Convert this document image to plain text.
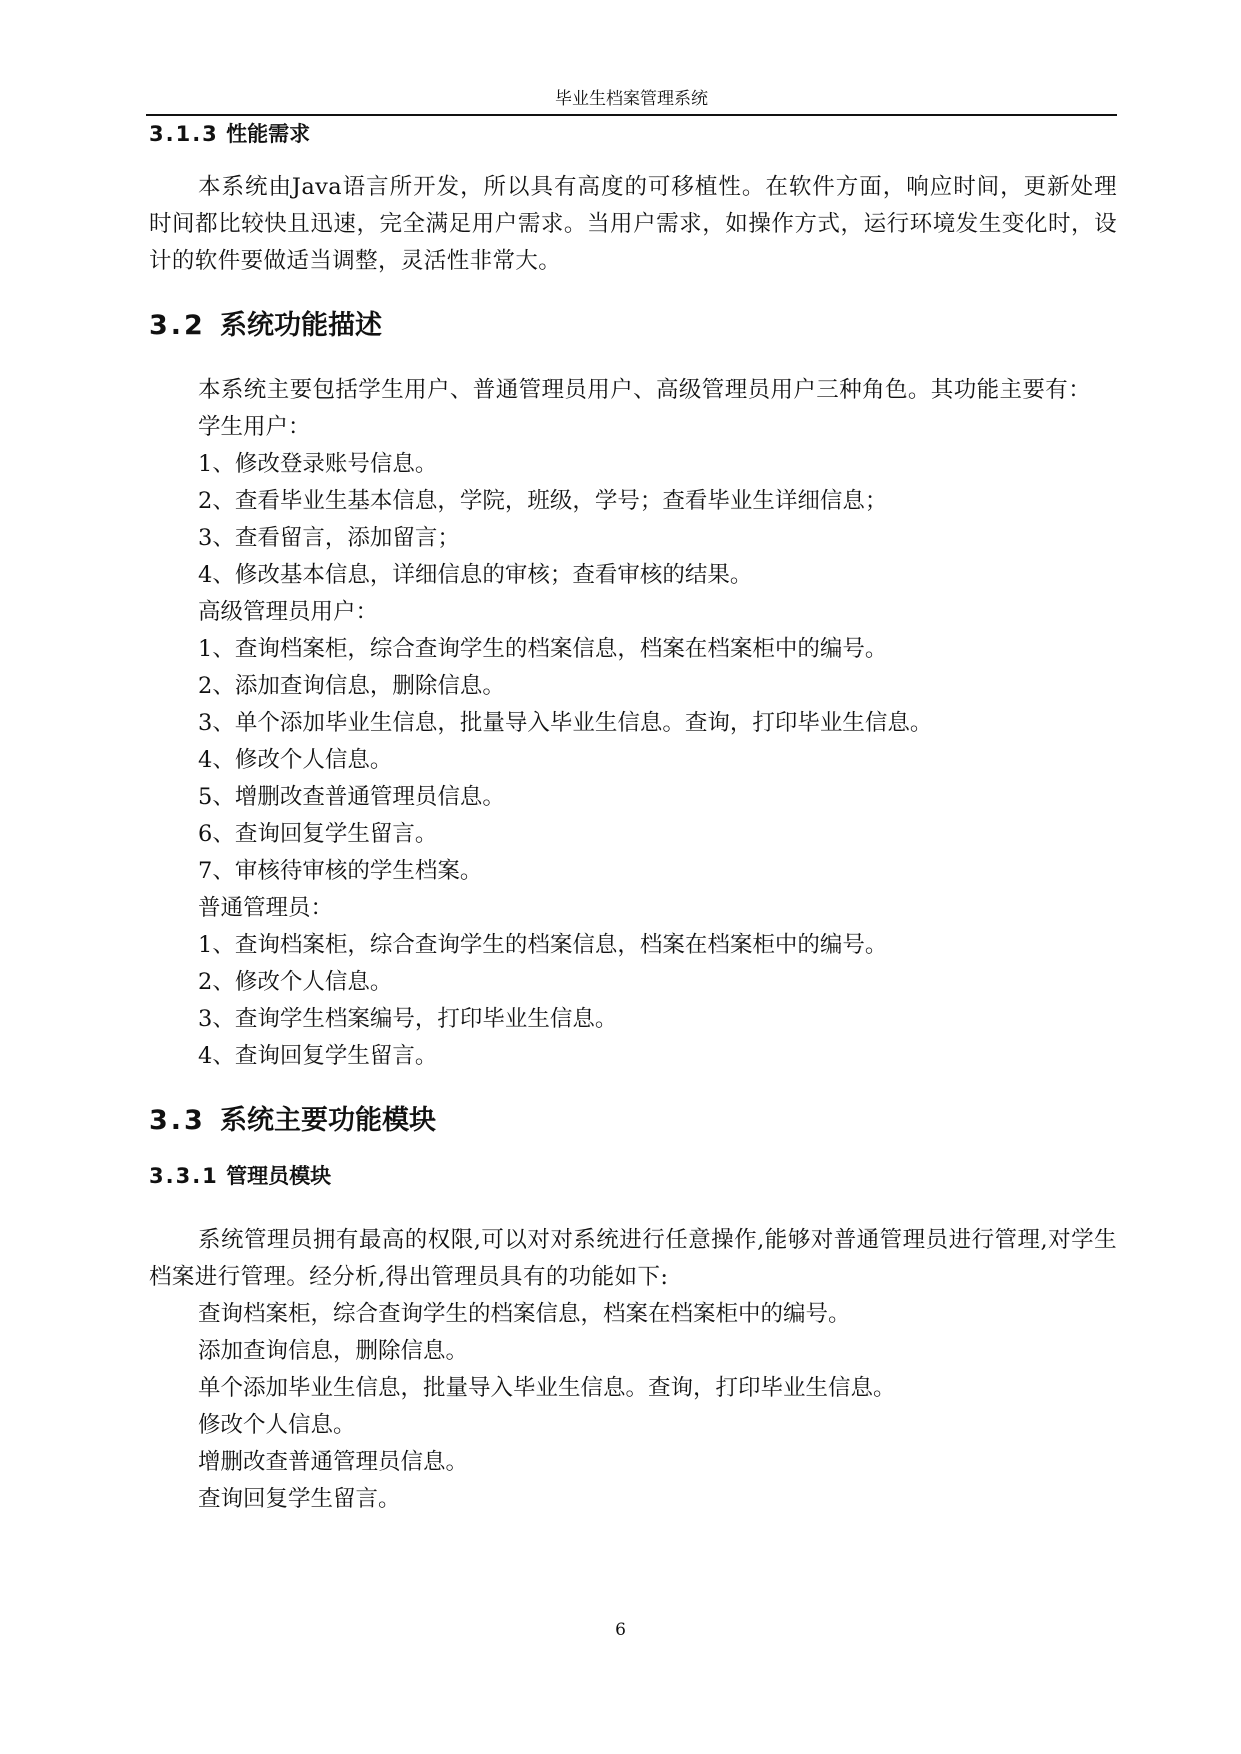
毕业生档案管理系统
3.1.3 性能需求

本系统由Java语言所开发，所以具有高度的可移植性。在软件方面，响应时间，更新处理时间都比较快且迅速，完全满足用户需求。当用户需求，如操作方式，运行环境发生变化时，设计的软件要做适当调整，灵活性非常大。

3.2 系统功能描述

本系统主要包括学生用户、普通管理员用户、高级管理员用户三种角色。其功能主要有：

学生用户：

1、修改登录账号信息。

2、查看毕业生基本信息，学院，班级，学号；查看毕业生详细信息；

3、查看留言，添加留言；

4、修改基本信息，详细信息的审核；查看审核的结果。

高级管理员用户：

1、查询档案柜，综合查询学生的档案信息，档案在档案柜中的编号。

2、添加查询信息，删除信息。

3、单个添加毕业生信息，批量导入毕业生信息。查询，打印毕业生信息。

4、修改个人信息。

5、增删改查普通管理员信息。

6、查询回复学生留言。

7、审核待审核的学生档案。

普通管理员：

1、查询档案柜，综合查询学生的档案信息，档案在档案柜中的编号。

2、修改个人信息。

3、查询学生档案编号，打印毕业生信息。

4、查询回复学生留言。

3.3 系统主要功能模块
3.3.1 管理员模块

系统管理员拥有最高的权限,可以对对系统进行任意操作,能够对普通管理员进行管理,对学生档案进行管理。经分析,得出管理员具有的功能如下:

查询档案柜，综合查询学生的档案信息，档案在档案柜中的编号。

添加查询信息，删除信息。

单个添加毕业生信息，批量导入毕业生信息。查询，打印毕业生信息。

修改个人信息。

增删改查普通管理员信息。

查询回复学生留言。

6
